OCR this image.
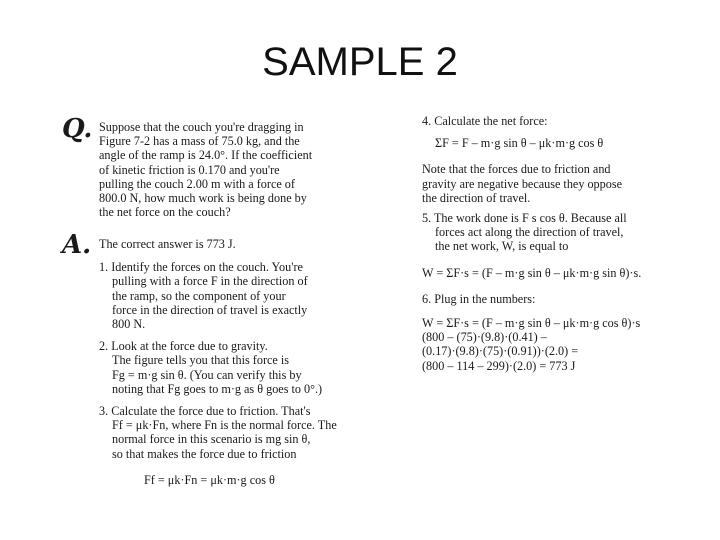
SAMPLE 2
Q. Suppose that the couch you're dragging in
Figure 7-2 has a mass of 75.0 kg, and the
angle of the ramp is 24.0°. If the coefficient
of kinetic friction is 0.170 and you're
pulling the couch 2.00 m with a force of
800.0 N, how much work is being done by
the net force on the couch?
A. The correct answer is 773 J.
1. Identify the forces on the couch. You're
pulling with a force F in the direction of
the ramp, so the component of your
force in the direction of travel is exactly
800 N.
2. Look at the force due to gravity.
The figure tells you that this force is
Fg = m·g sin θ. (You can verify this by
noting that Fg goes to m·g as θ goes to 0°.)
3. Calculate the force due to friction. That's
Ff = μk·Fn, where Fn is the normal force. The
normal force in this scenario is mg sin θ,
so that makes the force due to friction
Ff = μk·Fn = μk·m·g cos θ
4. Calculate the net force:
ΣF = F – m·g sin θ – μk·m·g cos θ
Note that the forces due to friction and
gravity are negative because they oppose
the direction of travel.
5. The work done is F s cos θ. Because all
forces act along the direction of travel,
the net work, W, is equal to
W = ΣF·s = (F – m·g sin θ – μk·m·g sin θ)·s.
6. Plug in the numbers:
W = ΣF·s = (F – m·g sin θ – μk·m·g cos θ)·s
(800 – (75)·(9.8)·(0.41) –
(0.17)·(9.8)·(75)·(0.91))·(2.0) =
(800 – 114 – 299)·(2.0) = 773 J
